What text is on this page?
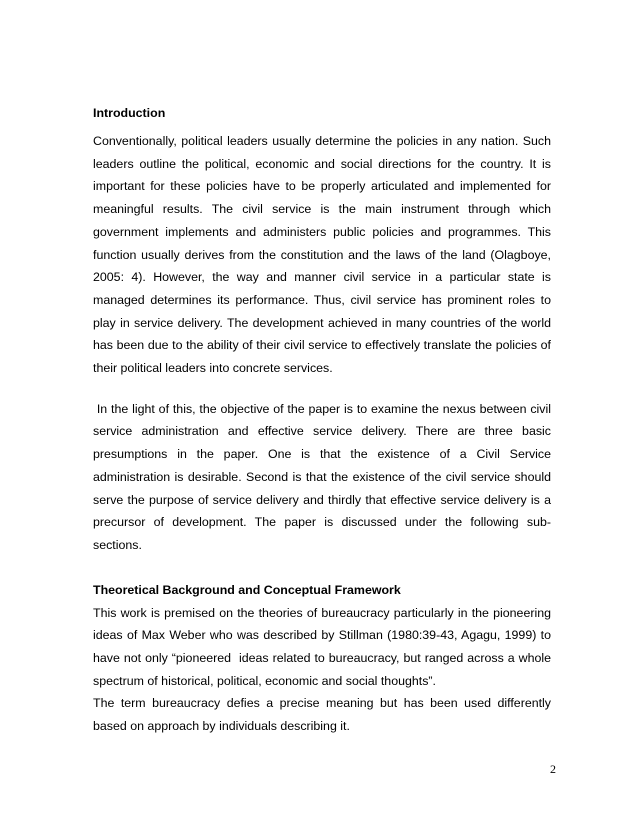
Introduction

Conventionally, political leaders usually determine the policies in any nation. Such leaders outline the political, economic and social directions for the country. It is important for these policies have to be properly articulated and implemented for meaningful results. The civil service is the main instrument through which government implements and administers public policies and programmes. This function usually derives from the constitution and the laws of the land (Olagboye, 2005: 4). However, the way and manner civil service in a particular state is managed determines its performance. Thus, civil service has prominent roles to play in service delivery. The development achieved in many countries of the world has been due to the ability of their civil service to effectively translate the policies of their political leaders into concrete services.

In the light of this, the objective of the paper is to examine the nexus between civil service administration and effective service delivery. There are three basic presumptions in the paper. One is that the existence of a Civil Service administration is desirable. Second is that the existence of the civil service should serve the purpose of service delivery and thirdly that effective service delivery is a precursor of development. The paper is discussed under the following sub-sections.

Theoretical Background and Conceptual Framework

This work is premised on the theories of bureaucracy particularly in the pioneering ideas of Max Weber who was described by Stillman (1980:39-43, Agagu, 1999) to have not only “pioneered  ideas related to bureaucracy, but ranged across a whole spectrum of historical, political, economic and social thoughts”.

The term bureaucracy defies a precise meaning but has been used differently based on approach by individuals describing it.

2
